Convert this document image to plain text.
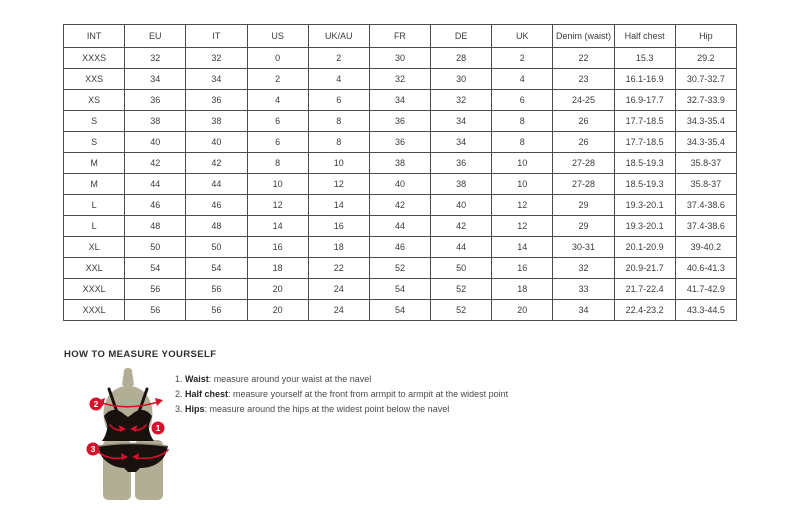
INT	EU	IT	US	UK/AU	FR	DE	UK	Denim (waist)	Half chest	Hip
XXXS	32	32	0	2	30	28	2	22	15.3	29.2
XXS	34	34	2	4	32	30	4	23	16.1-16.9	30.7-32.7
XS	36	36	4	6	34	32	6	24-25	16.9-17.7	32.7-33.9
S	38	38	6	8	36	34	8	26	17.7-18.5	34.3-35.4
S	40	40	6	8	36	34	8	26	17.7-18.5	34.3-35.4
M	42	42	8	10	38	36	10	27-28	18.5-19.3	35.8-37
M	44	44	10	12	40	38	10	27-28	18.5-19.3	35.8-37
L	46	46	12	14	42	40	12	29	19.3-20.1	37.4-38.6
L	48	48	14	16	44	42	12	29	19.3-20.1	37.4-38.6
XL	50	50	16	18	46	44	14	30-31	20.1-20.9	39-40.2
XXL	54	54	18	22	52	50	16	32	20.9-21.7	40.6-41.3
XXXL	56	56	20	24	54	52	18	33	21.7-22.4	41.7-42.9
XXXL	56	56	20	24	54	52	20	34	22.4-23.2	43.3-44.5
HOW TO MEASURE YOURSELF
1. Waist: measure around your waist at the navel
2. Half chest: measure yourself at the front from armpit to armpit at the widest point
3. Hips: measure around the hips at the widest point below the navel
2
1
3
